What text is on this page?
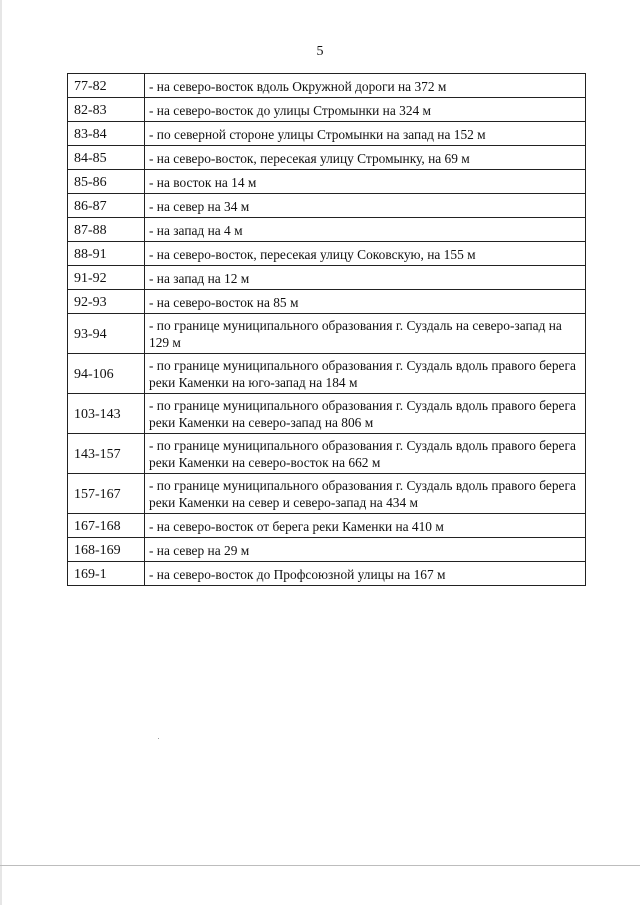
5
77-82	- на северо-восток вдоль Окружной дороги на 372 м
82-83	- на северо-восток до улицы Стромынки на 324 м
83-84	- по северной стороне улицы Стромынки на запад на 152 м
84-85	- на северо-восток, пересекая улицу Стромынку, на 69 м
85-86	- на восток на 14 м
86-87	- на север на 34 м
87-88	- на запад на 4 м
88-91	- на северо-восток, пересекая улицу Соковскую, на 155 м
91-92	- на запад на 12 м
92-93	- на северо-восток на 85 м
93-94	- по границе муниципального образования г. Суздаль на северо-запад на 129 м
94-106	- по границе муниципального образования г. Суздаль вдоль правого берега реки Каменки на юго-запад на 184 м
103-143	- по границе муниципального образования г. Суздаль вдоль правого берега реки Каменки на северо-запад на 806 м
143-157	- по границе муниципального образования г. Суздаль вдоль правого берега реки Каменки на северо-восток на 662 м
157-167	- по границе муниципального образования г. Суздаль вдоль правого берега реки Каменки на север и северо-запад на 434 м
167-168	- на северо-восток от берега реки Каменки на 410 м
168-169	- на север на 29 м
169-1	- на северо-восток до Профсоюзной улицы на 167 м
